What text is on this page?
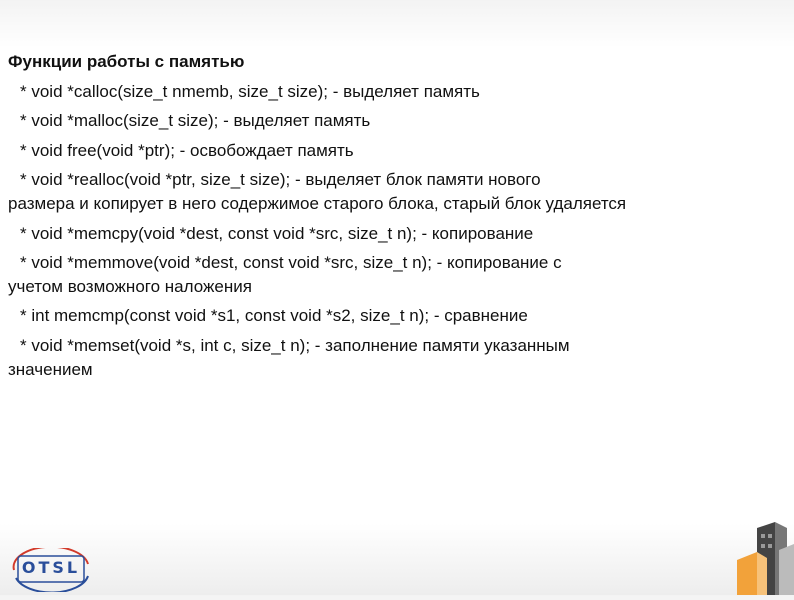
Функции работы с памятью

* void *calloc(size_t nmemb, size_t size); - выделяет память

* void *malloc(size_t size); - выделяет память

* void free(void *ptr); - освобождает память

* void *realloc(void *ptr, size_t size); - выделяет блок памяти нового
размера и копирует в него содержимое старого блока, старый блок удаляется

* void *memcpy(void *dest, const void *src, size_t n); - копирование

* void *memmove(void *dest, const void *src, size_t n); - копирование с
учетом возможного наложения

* int memcmp(const void *s1, const void *s2, size_t n); - сравнение

* void *memset(void *s, int c, size_t n); - заполнение памяти указанным
значением

OTSL
